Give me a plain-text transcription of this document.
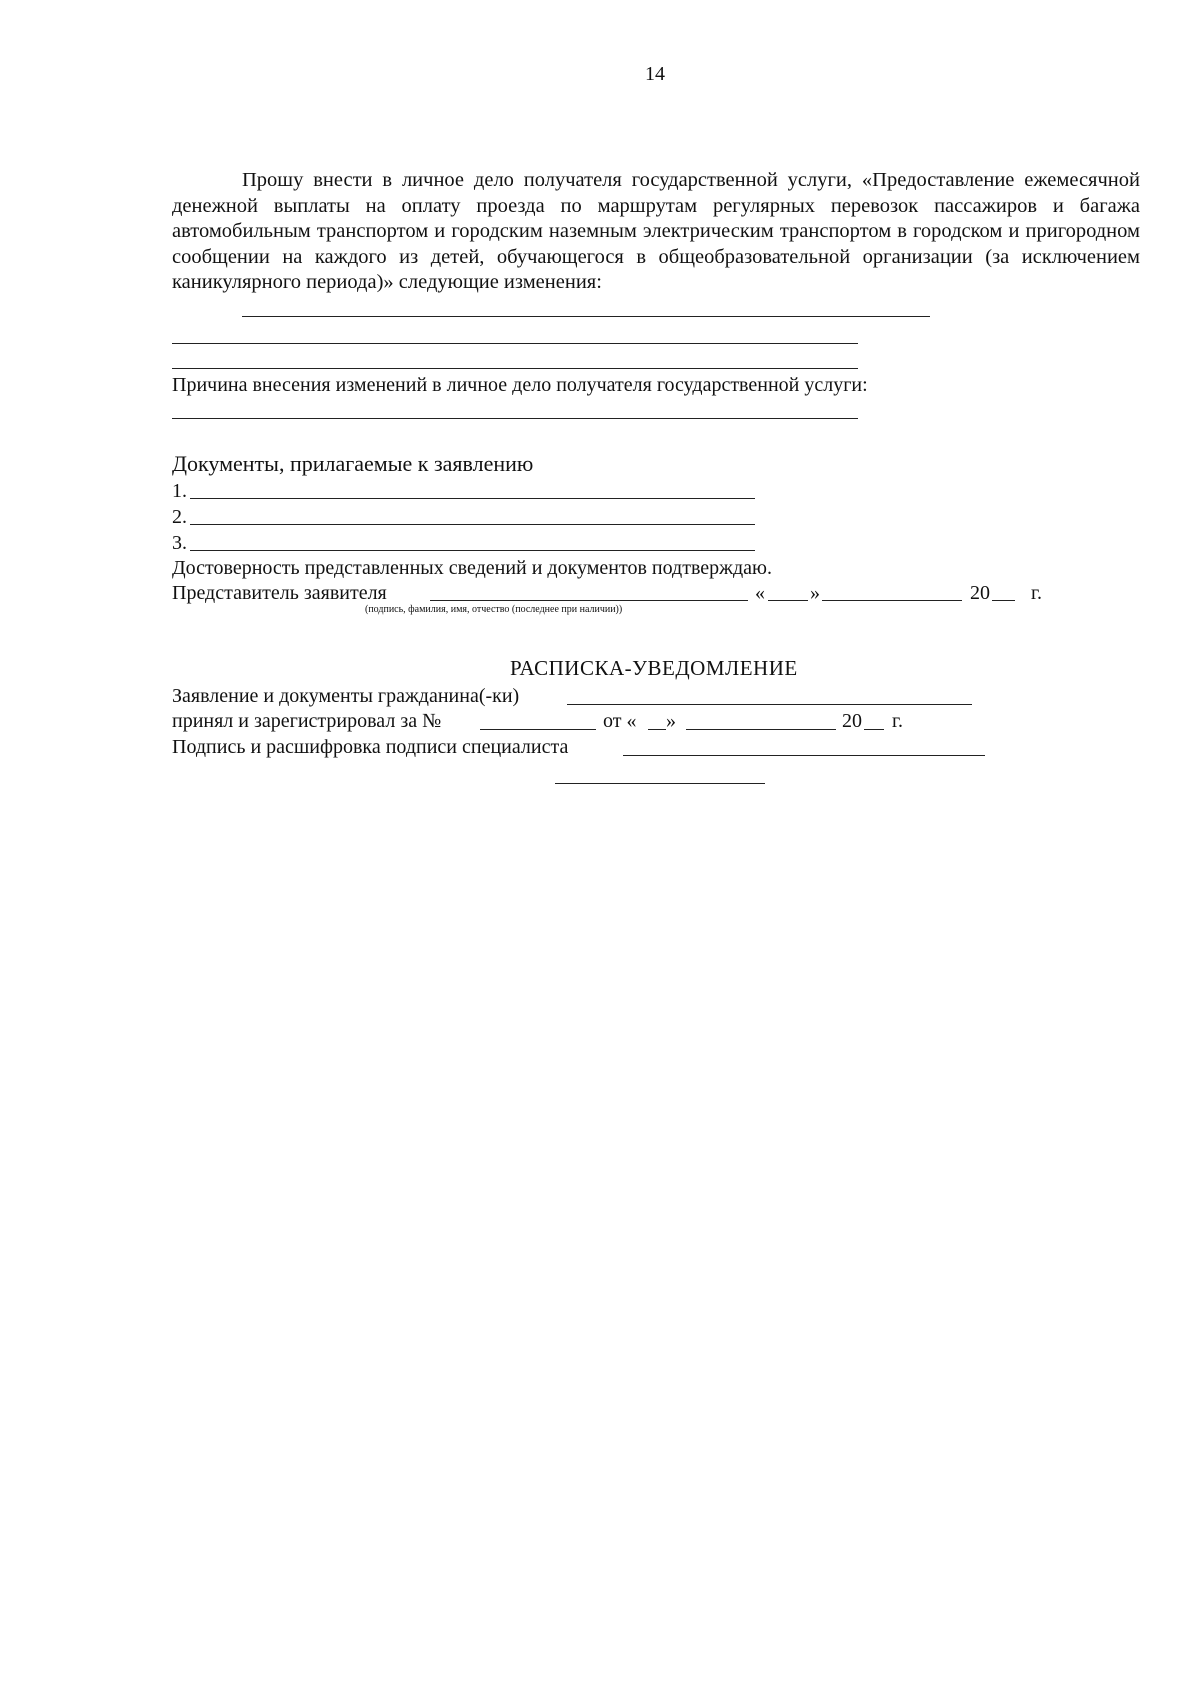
14
Прошу внести в личное дело получателя государственной услуги, «Предоставление ежемесячной денежной выплаты на оплату проезда по маршрутам регулярных перевозок пассажиров и багажа автомобильным транспортом и городским наземным электрическим транспортом в городском и пригородном сообщении на каждого из детей, обучающегося в общеобразовательной организации (за исключением каникулярного периода)» следующие изменения:
Причина внесения изменений в личное дело получателя государственной услуги:
Документы, прилагаемые к заявлению
1.
2.
3.
Достоверность представленных сведений и документов подтверждаю.
Представитель заявителя	« »	20 г.
(подпись, фамилия, имя, отчество (последнее при наличии))
РАСПИСКА-УВЕДОМЛЕНИЕ
Заявление и документы гражданина(-ки)
принял и зарегистрировал за №	от « »	20 г.
Подпись и расшифровка подписи специалиста
